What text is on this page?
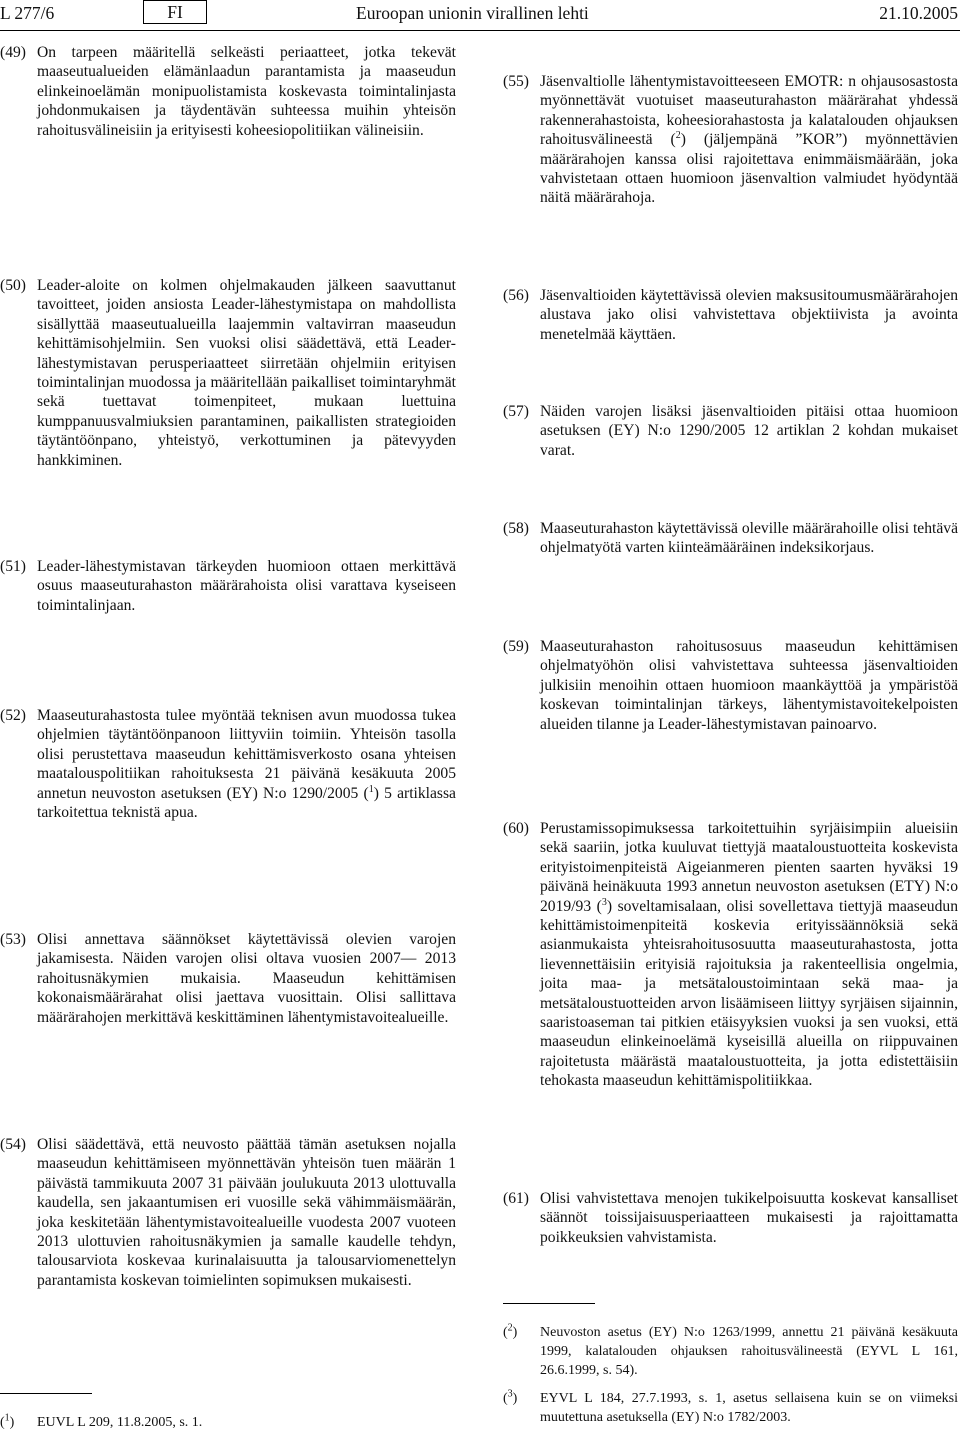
L 277/6	FI	Euroopan unionin virallinen lehti	21.10.2005
(49) On tarpeen määritellä selkeästi periaatteet, jotka tekevät maaseutualueiden elämänlaadun parantamista ja maaseudun elinkeinoelämän monipuolistamista koskevasta toimintalinjasta johdonmukaisen ja täydentävän suhteessa muihin yhteisön rahoitusvälineisiin ja erityisesti koheesiopolitiikan välineisiin.
(50) Leader-aloite on kolmen ohjelmakauden jälkeen saavuttanut tavoitteet, joiden ansiosta Leader-lähestymistapa on mahdollista sisällyttää maaseutualueilla laajemmin valtavirran maaseudun kehittämisohjelmiin. Sen vuoksi olisi säädettävä, että Leader-lähestymistavan perusperiaatteet siirretään ohjelmiin erityisen toimintalinjan muodossa ja määritellään paikalliset toimintaryhmät sekä tuettavat toimenpiteet, mukaan luettuina kumppanuusvalmiuksien parantaminen, paikallisten strategioiden täytäntöönpano, yhteistyö, verkottuminen ja pätevyyden hankkiminen.
(51) Leader-lähestymistavan tärkeyden huomioon ottaen merkittävä osuus maaseuturahaston määrärahoista olisi varattava kyseiseen toimintalinjaan.
(52) Maaseuturahastosta tulee myöntää teknisen avun muodossa tukea ohjelmien täytäntöönpanoon liittyviin toimiin. Yhteisön tasolla olisi perustettava maaseudun kehittämisverkosto osana yhteisen maatalouspolitiikan rahoituksesta 21 päivänä kesäkuuta 2005 annetun neuvoston asetuksen (EY) N:o 1290/2005 ($^1$) 5 artiklassa tarkoitettua teknistä apua.
(53) Olisi annettava säännökset käytettävissä olevien varojen jakamisesta. Näiden varojen olisi oltava vuosien 2007— 2013 rahoitusnäkymien mukaisia. Maaseudun kehittämisen kokonaismäärärahat olisi jaettava vuosittain. Olisi sallittava määrärahojen merkittävä keskittäminen lähentymistavoitealueille.
(54) Olisi säädettävä, että neuvosto päättää tämän asetuksen nojalla maaseudun kehittämiseen myönnettävän yhteisön tuen määrän 1 päivästä tammikuuta 2007 31 päivään joulukuuta 2013 ulottuvalla kaudella, sen jakaantumisen eri vuosille sekä vähimmäismäärän, joka keskitetään lähentymistavoitealueille vuodesta 2007 vuoteen 2013 ulottuvien rahoitusnäkymien ja samalle kaudelle tehdyn, talousarviota koskevaa kurinalaisuutta ja talousarviomenettelyn parantamista koskevan toimielinten sopimuksen mukaisesti.
(55) Jäsenvaltiolle lähentymistavoitteeseen EMOTR: n ohjausosastosta myönnettävät vuotuiset maaseuturahaston määrärahat yhdessä rakennerahastoista, koheesiorahastosta ja kalatalouden ohjauksen rahoitusvälineestä ($^2$) (jäljempänä ”KOR”) myönnettävien määrärahojen kanssa olisi rajoitettava enimmäismäärään, joka vahvistetaan ottaen huomioon jäsenvaltion valmiudet hyödyntää näitä määrärahoja.
(56) Jäsenvaltioiden käytettävissä olevien maksusitoumusmäärärahojen alustava jako olisi vahvistettava objektiivista ja avointa menetelmää käyttäen.
(57) Näiden varojen lisäksi jäsenvaltioiden pitäisi ottaa huomioon asetuksen (EY) N:o 1290/2005 12 artiklan 2 kohdan mukaiset varat.
(58) Maaseuturahaston käytettävissä oleville määrärahoille olisi tehtävä ohjelmatyötä varten kiinteämääräinen indeksikorjaus.
(59) Maaseuturahaston rahoitusosuus maaseudun kehittämisen ohjelmatyöhön olisi vahvistettava suhteessa jäsenvaltioiden julkisiin menoihin ottaen huomioon maankäyttöä ja ympäristöä koskevan toimintalinjan tärkeys, lähentymistavoitekelpoisten alueiden tilanne ja Leader-lähestymistavan painoarvo.
(60) Perustamissopimuksessa tarkoitettuihin syrjäisimpiin alueisiin sekä saariin, jotka kuuluvat tiettyjä maataloustuotteita koskevista erityistoimenpiteistä Aigeianmeren pienten saarten hyväksi 19 päivänä heinäkuuta 1993 annetun neuvoston asetuksen (ETY) N:o 2019/93 ($^3$) soveltamisalaan, olisi sovellettava tiettyjä maaseudun kehittämistoimenpiteitä koskevia erityissäännöksiä sekä asianmukaista yhteisrahoitusosuutta maaseuturahastosta, jotta lievennettäisiin erityisiä rajoituksia ja rakenteellisia ongelmia, joita maa- ja metsätaloustoimintaan sekä maa- ja metsätaloustuotteiden arvon lisäämiseen liittyy syrjäisen sijainnin, saaristoaseman tai pitkien etäisyyksien vuoksi ja sen vuoksi, että maaseudun elinkeinoelämä kyseisillä alueilla on riippuvainen rajoitetusta määrästä maataloustuotteita, ja jotta edistettäisiin tehokasta maaseudun kehittämispolitiikkaa.
(61) Olisi vahvistettava menojen tukikelpoisuutta koskevat kansalliset säännöt toissijaisuusperiaatteen mukaisesti ja rajoittamatta poikkeuksien vahvistamista.
($^1$) EUVL L 209, 11.8.2005, s. 1.
($^2$) Neuvoston asetus (EY) N:o 1263/1999, annettu 21 päivänä kesäkuuta 1999, kalatalouden ohjauksen rahoitusvälineestä (EYVL L 161, 26.6.1999, s. 54).
($^3$) EYVL L 184, 27.7.1993, s. 1, asetus sellaisena kuin se on viimeksi muutettuna asetuksella (EY) N:o 1782/2003.
